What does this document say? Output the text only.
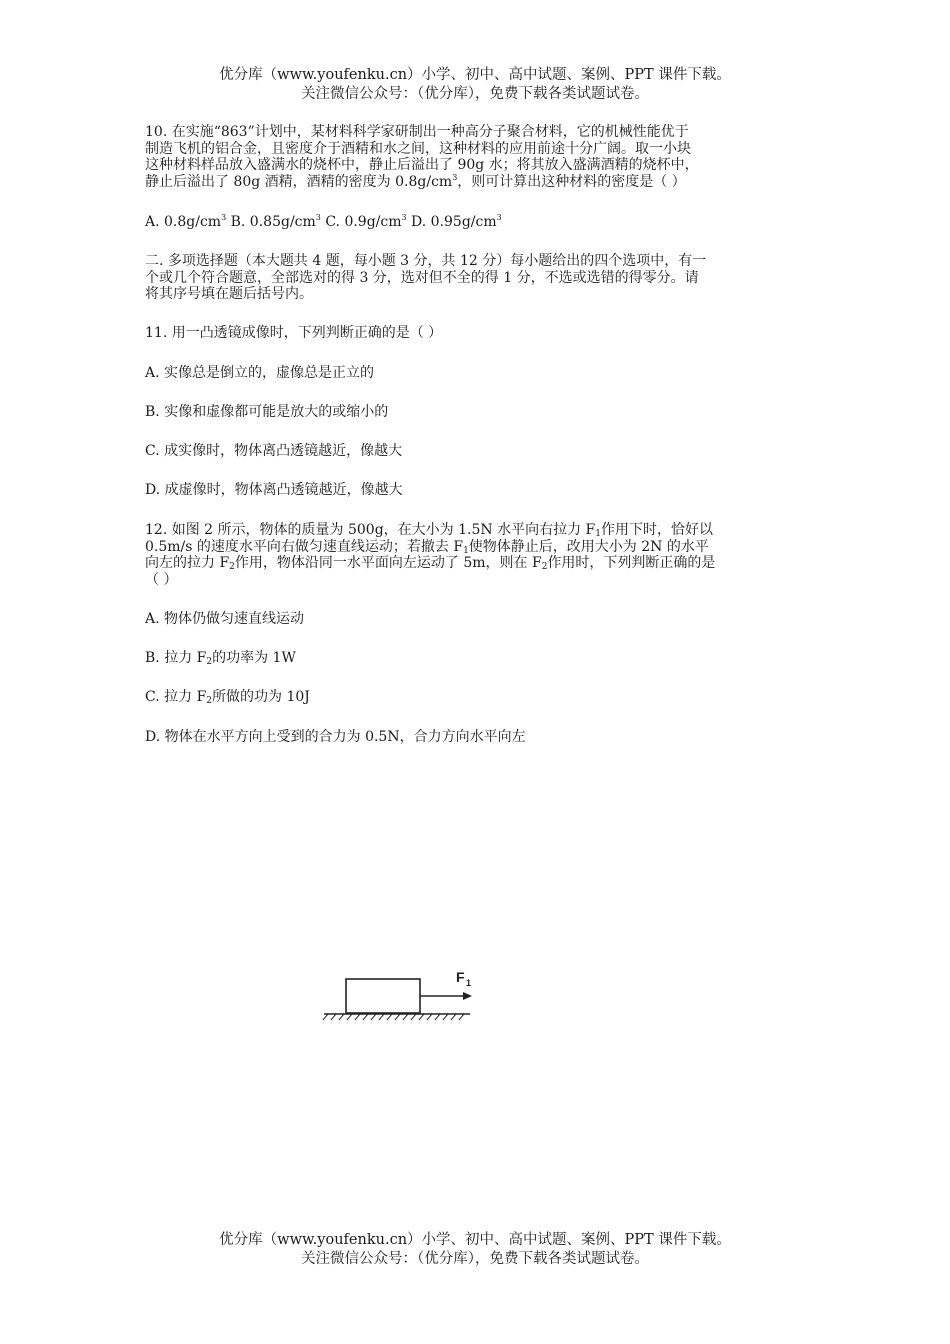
优分库（www.youfenku.cn）小学、初中、高中试题、案例、PPT 课件下载。
关注微信公众号：（优分库），免费下载各类试题试卷。
10. 在实施“863”计划中，某材料科学家研制出一种高分子聚合材料，它的机械性能优于
制造飞机的铝合金，且密度介于酒精和水之间，这种材料的应用前途十分广阔。取一小块
这种材料样品放入盛满水的烧杯中，静止后溢出了 90g 水；将其放入盛满酒精的烧杯中，
静止后溢出了 80g 酒精，酒精的密度为 $0.8g/cm^3$，则可计算出这种材料的密度是（ ）
A. $0.8g/cm^3$ B. $0.85g/cm^3$ C. $0.9g/cm^3$ D. $0.95g/cm^3$
二. 多项选择题（本大题共 4 题，每小题 3 分，共 12 分）每小题给出的四个选项中，有一
个或几个符合题意，全部选对的得 3 分，选对但不全的得 1 分，不选或选错的得零分。请
将其序号填在题后括号内。
11. 用一凸透镜成像时，下列判断正确的是（ ）
A. 实像总是倒立的，虚像总是正立的
B. 实像和虚像都可能是放大的或缩小的
C. 成实像时，物体离凸透镜越近，像越大
D. 成虚像时，物体离凸透镜越近，像越大
12. 如图 2 所示，物体的质量为 500g，在大小为 1.5N 水平向右拉力 $F_1$作用下时，恰好以
0.5m/s 的速度水平向右做匀速直线运动；若撤去 $F_1$使物体静止后，改用大小为 2N 的水平
向左的拉力 $F_2$作用，物体沿同一水平面向左运动了 5m，则在 $F_2$作用时，下列判断正确的是
（ ）
A. 物体仍做匀速直线运动
B. 拉力 $F_2$的功率为 1W
C. 拉力 $F_2$所做的功为 10J
D. 物体在水平方向上受到的合力为 0.5N，合力方向水平向左
F 1
优分库（www.youfenku.cn）小学、初中、高中试题、案例、PPT 课件下载。
关注微信公众号：（优分库），免费下载各类试题试卷。
